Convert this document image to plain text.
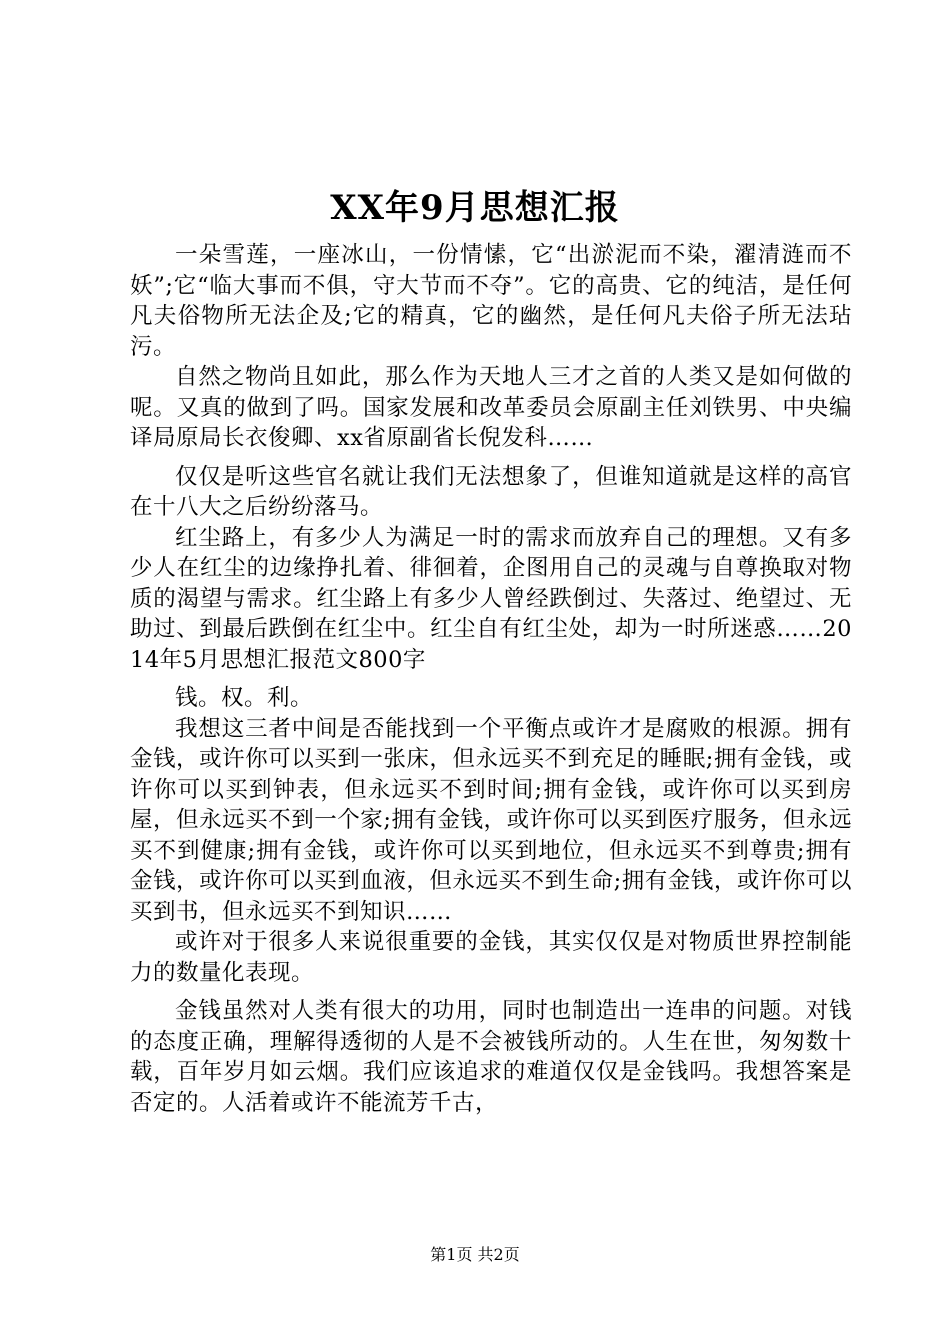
XX年9月思想汇报

一朵雪莲，一座冰山，一份情愫，它“出淤泥而不染，濯清涟而不妖”;它“临大事而不俱，守大节而不夺”。它的高贵、它的纯洁，是任何凡夫俗物所无法企及;它的精真，它的幽然，是任何凡夫俗子所无法玷污。

自然之物尚且如此，那么作为天地人三才之首的人类又是如何做的呢。又真的做到了吗。国家发展和改革委员会原副主任刘铁男、中央编译局原局长衣俊卿、xx省原副省长倪发科……

仅仅是听这些官名就让我们无法想象了，但谁知道就是这样的高官在十八大之后纷纷落马。

红尘路上，有多少人为满足一时的需求而放弃自己的理想。又有多少人在红尘的边缘挣扎着、徘徊着，企图用自己的灵魂与自尊换取对物质的渴望与需求。红尘路上有多少人曾经跌倒过、失落过、绝望过、无助过、到最后跌倒在红尘中。红尘自有红尘处，却为一时所迷惑……2014年5月思想汇报范文800字

钱。权。利。

我想这三者中间是否能找到一个平衡点或许才是腐败的根源。拥有金钱，或许你可以买到一张床，但永远买不到充足的睡眠;拥有金钱，或许你可以买到钟表，但永远买不到时间;拥有金钱，或许你可以买到房屋，但永远买不到一个家;拥有金钱，或许你可以买到医疗服务，但永远买不到健康;拥有金钱，或许你可以买到地位，但永远买不到尊贵;拥有金钱，或许你可以买到血液，但永远买不到生命;拥有金钱，或许你可以买到书，但永远买不到知识……

或许对于很多人来说很重要的金钱，其实仅仅是对物质世界控制能力的数量化表现。

金钱虽然对人类有很大的功用，同时也制造出一连串的问题。对钱的态度正确，理解得透彻的人是不会被钱所动的。人生在世，匆匆数十载，百年岁月如云烟。我们应该追求的难道仅仅是金钱吗。我想答案是否定的。人活着或许不能流芳千古，

第1页 共2页
